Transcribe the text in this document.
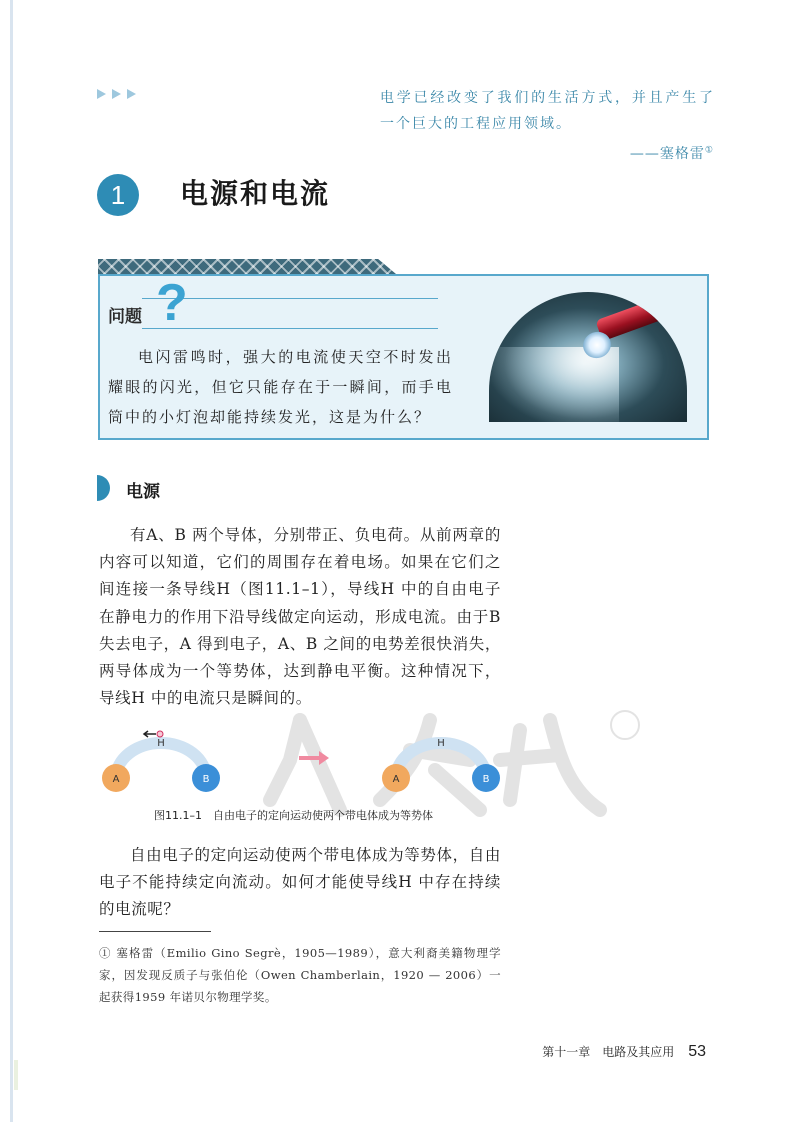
电学已经改变了我们的生活方式，并且产生了一个巨大的工程应用领域。
——塞格雷①
1	电源和电流
问题 ?
电闪雷鸣时，强大的电流使天空不时发出耀眼的闪光，但它只能存在于一瞬间，而手电筒中的小灯泡却能持续发光，这是为什么？
电源
有A、B 两个导体，分别带正、负电荷。从前两章的内容可以知道，它们的周围存在着电场。如果在它们之间连接一条导线H（图11.1–1），导线H 中的自由电子在静电力的作用下沿导线做定向运动，形成电流。由于B 失去电子，A 得到电子，A、B 之间的电势差很快消失，两导体成为一个等势体，达到静电平衡。这种情况下，导线H 中的电流只是瞬间的。
A	B
H
A	B
H
图11.1–1　自由电子的定向运动使两个带电体成为等势体
自由电子的定向运动使两个带电体成为等势体，自由电子不能持续定向流动。如何才能使导线H 中存在持续的电流呢？
① 塞格雷（Emilio Gino Segrè，1905—1989），意大利裔美籍物理学家，因发现反质子与张伯伦（Owen Chamberlain，1920 — 2006）一起获得1959 年诺贝尔物理学奖。
第十一章　电路及其应用 53
